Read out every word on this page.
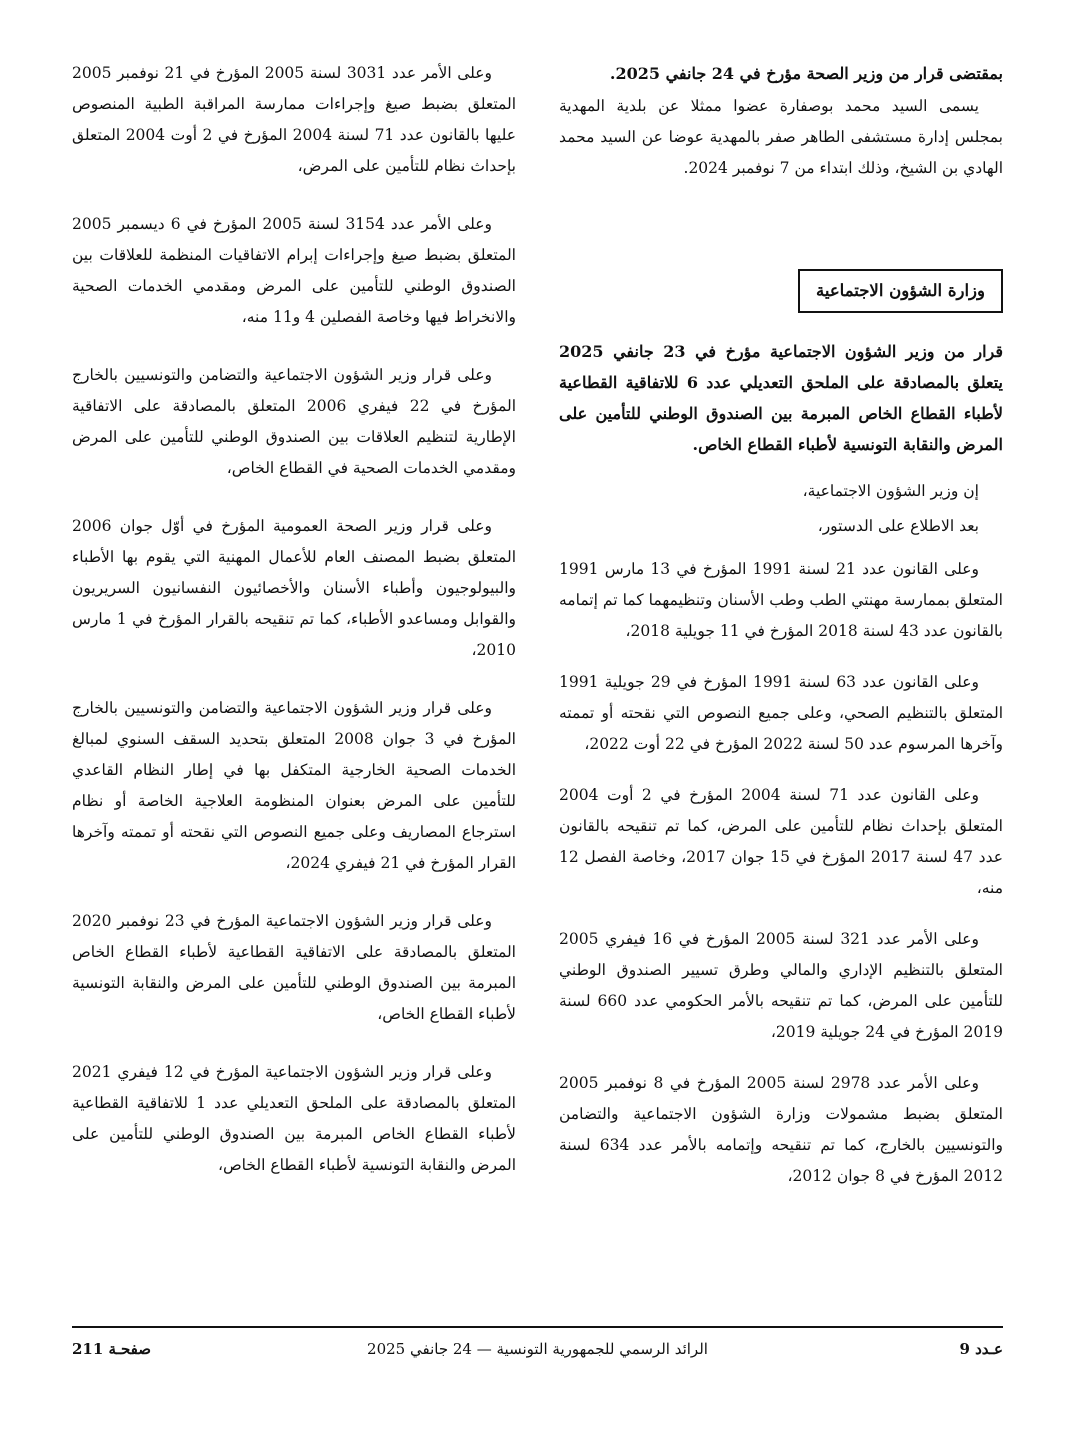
بمقتضى قرار من وزير الصحة مؤرخ في 24 جانفي 2025.

يسمى السيد محمد بوصفارة عضوا ممثلا عن بلدية المهدية بمجلس إدارة مستشفى الطاهر صفر بالمهدية عوضا عن السيد محمد الهادي بن الشيخ، وذلك ابتداء من 7 نوفمبر 2024.

وزارة الشؤون الاجتماعية

قرار من وزير الشؤون الاجتماعية مؤرخ في 23 جانفي 2025 يتعلق بالمصادقة على الملحق التعديلي عدد 6 للاتفاقية القطاعية لأطباء القطاع الخاص المبرمة بين الصندوق الوطني للتأمين على المرض والنقابة التونسية لأطباء القطاع الخاص.

إن وزير الشؤون الاجتماعية،

بعد الاطلاع على الدستور،

وعلى القانون عدد 21 لسنة 1991 المؤرخ في 13 مارس 1991 المتعلق بممارسة مهنتي الطب وطب الأسنان وتنظيمهما كما تم إتمامه بالقانون عدد 43 لسنة 2018 المؤرخ في 11 جويلية 2018،

وعلى القانون عدد 63 لسنة 1991 المؤرخ في 29 جويلية 1991 المتعلق بالتنظيم الصحي، وعلى جميع النصوص التي نقحته أو تممته وآخرها المرسوم عدد 50 لسنة 2022 المؤرخ في 22 أوت 2022،

وعلى القانون عدد 71 لسنة 2004 المؤرخ في 2 أوت 2004 المتعلق بإحداث نظام للتأمين على المرض، كما تم تنقيحه بالقانون عدد 47 لسنة 2017 المؤرخ في 15 جوان 2017، وخاصة الفصل 12 منه،

وعلى الأمر عدد 321 لسنة 2005 المؤرخ في 16 فيفري 2005 المتعلق بالتنظيم الإداري والمالي وطرق تسيير الصندوق الوطني للتأمين على المرض، كما تم تنقيحه بالأمر الحكومي عدد 660 لسنة 2019 المؤرخ في 24 جويلية 2019،

وعلى الأمر عدد 2978 لسنة 2005 المؤرخ في 8 نوفمبر 2005 المتعلق بضبط مشمولات وزارة الشؤون الاجتماعية والتضامن والتونسيين بالخارج، كما تم تنقيحه وإتمامه بالأمر عدد 634 لسنة 2012 المؤرخ في 8 جوان 2012،

وعلى الأمر عدد 3031 لسنة 2005 المؤرخ في 21 نوفمبر 2005 المتعلق بضبط صيغ وإجراءات ممارسة المراقبة الطبية المنصوص عليها بالقانون عدد 71 لسنة 2004 المؤرخ في 2 أوت 2004 المتعلق بإحداث نظام للتأمين على المرض،

وعلى الأمر عدد 3154 لسنة 2005 المؤرخ في 6 ديسمبر 2005 المتعلق بضبط صيغ وإجراءات إبرام الاتفاقيات المنظمة للعلاقات بين الصندوق الوطني للتأمين على المرض ومقدمي الخدمات الصحية والانخراط فيها وخاصة الفصلين 4 و11 منه،

وعلى قرار وزير الشؤون الاجتماعية والتضامن والتونسيين بالخارج المؤرخ في 22 فيفري 2006 المتعلق بالمصادقة على الاتفاقية الإطارية لتنظيم العلاقات بين الصندوق الوطني للتأمين على المرض ومقدمي الخدمات الصحية في القطاع الخاص،

وعلى قرار وزير الصحة العمومية المؤرخ في أوّل جوان 2006 المتعلق بضبط المصنف العام للأعمال المهنية التي يقوم بها الأطباء والبيولوجيون وأطباء الأسنان والأخصائيون النفسانيون السريريون والقوابل ومساعدو الأطباء، كما تم تنقيحه بالقرار المؤرخ في 1 مارس 2010،

وعلى قرار وزير الشؤون الاجتماعية والتضامن والتونسيين بالخارج المؤرخ في 3 جوان 2008 المتعلق بتحديد السقف السنوي لمبالغ الخدمات الصحية الخارجية المتكفل بها في إطار النظام القاعدي للتأمين على المرض بعنوان المنظومة العلاجية الخاصة أو نظام استرجاع المصاريف وعلى جميع النصوص التي نقحته أو تممته وآخرها القرار المؤرخ في 21 فيفري 2024،

وعلى قرار وزير الشؤون الاجتماعية المؤرخ في 23 نوفمبر 2020 المتعلق بالمصادقة على الاتفاقية القطاعية لأطباء القطاع الخاص المبرمة بين الصندوق الوطني للتأمين على المرض والنقابة التونسية لأطباء القطاع الخاص،

وعلى قرار وزير الشؤون الاجتماعية المؤرخ في 12 فيفري 2021 المتعلق بالمصادقة على الملحق التعديلي عدد 1 للاتفاقية القطاعية لأطباء القطاع الخاص المبرمة بين الصندوق الوطني للتأمين على المرض والنقابة التونسية لأطباء القطاع الخاص،

عـدد 9
الرائد الرسمي للجمهورية التونسية — 24 جانفي 2025
صفحـة 211
